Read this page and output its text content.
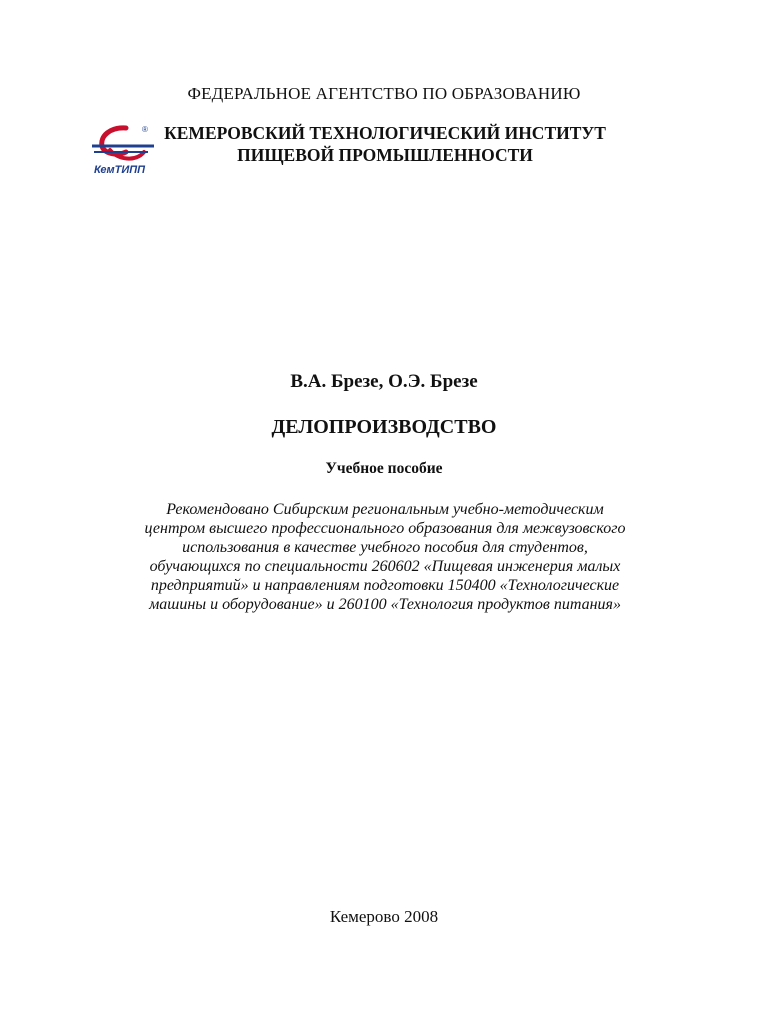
ФЕДЕРАЛЬНОЕ АГЕНТСТВО ПО ОБРАЗОВАНИЮ
®
КемТИПП
КЕМЕРОВСКИЙ ТЕХНОЛОГИЧЕСКИЙ ИНСТИТУТ
ПИЩЕВОЙ ПРОМЫШЛЕННОСТИ
В.А. Брезе, О.Э. Брезе
ДЕЛОПРОИЗВОДСТВО
Учебное пособие
Рекомендовано Сибирским региональным учебно-методическим
центром высшего профессионального образования для межвузовского
использования в качестве учебного пособия для студентов,
обучающихся по специальности 260602 «Пищевая инженерия малых
предприятий» и направлениям подготовки 150400 «Технологические
машины и оборудование» и 260100 «Технология продуктов питания»
Кемерово 2008
